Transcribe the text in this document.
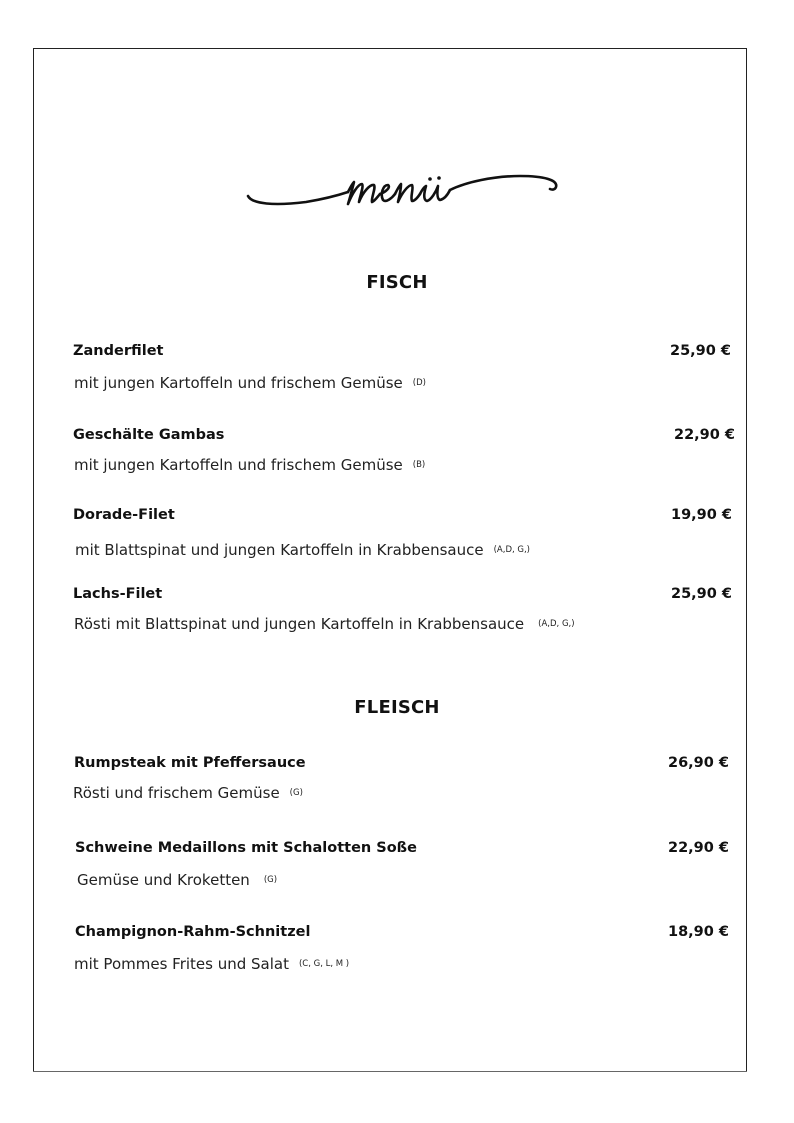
FISCH
Zanderfilet	25,90 €
mit jungen Kartoffeln und frischem Gemüse $^{(D)}$
Geschälte Gambas	22,90 €
mit jungen Kartoffeln und frischem Gemüse $^{(B)}$
Dorade-Filet	19,90 €
mit Blattspinat und jungen Kartoffeln in Krabbensauce $^{(A,D, G,)}$
Lachs-Filet	25,90 €
Rösti mit Blattspinat und jungen Kartoffeln in Krabbensauce $^{(A,D, G,)}$
FLEISCH
Rumpsteak mit Pfeffersauce	26,90 €
Rösti und frischem Gemüse $^{(G)}$
Schweine Medaillons mit Schalotten Soße	22,90 €
Gemüse und Kroketten $^{(G)}$
Champignon-Rahm-Schnitzel	18,90 €
mit Pommes Frites und Salat $^{(C, G, L, M )}$
